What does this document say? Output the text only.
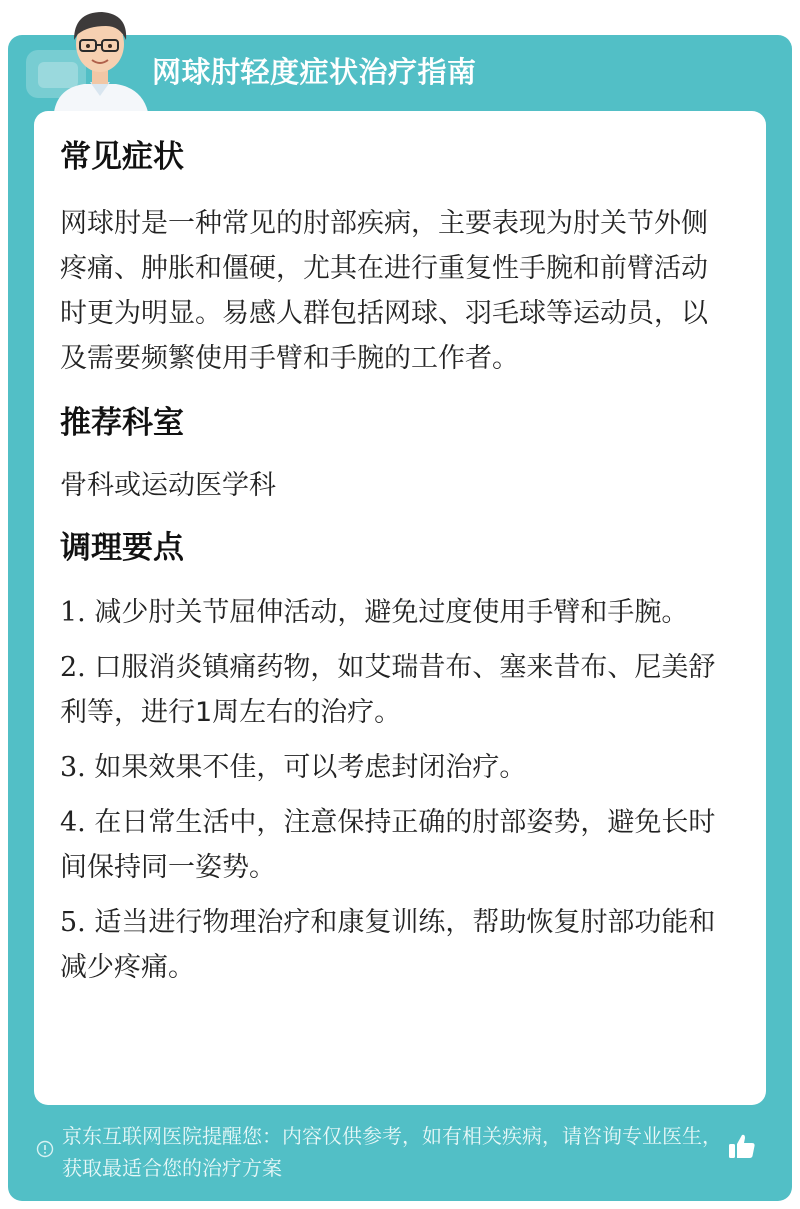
网球肘轻度症状治疗指南
常见症状

网球肘是一种常见的肘部疾病，主要表现为肘关节外侧疼痛、肿胀和僵硬，尤其在进行重复性手腕和前臂活动时更为明显。易感人群包括网球、羽毛球等运动员，以及需要频繁使用手臂和手腕的工作者。

推荐科室

骨科或运动医学科

调理要点

1. 减少肘关节屈伸活动，避免过度使用手臂和手腕。

2. 口服消炎镇痛药物，如艾瑞昔布、塞来昔布、尼美舒利等，进行1周左右的治疗。

3. 如果效果不佳，可以考虑封闭治疗。

4. 在日常生活中，注意保持正确的肘部姿势，避免长时间保持同一姿势。

5. 适当进行物理治疗和康复训练，帮助恢复肘部功能和减少疼痛。

京东互联网医院提醒您：内容仅供参考，如有相关疾病，请咨询专业医生，获取最适合您的治疗方案
